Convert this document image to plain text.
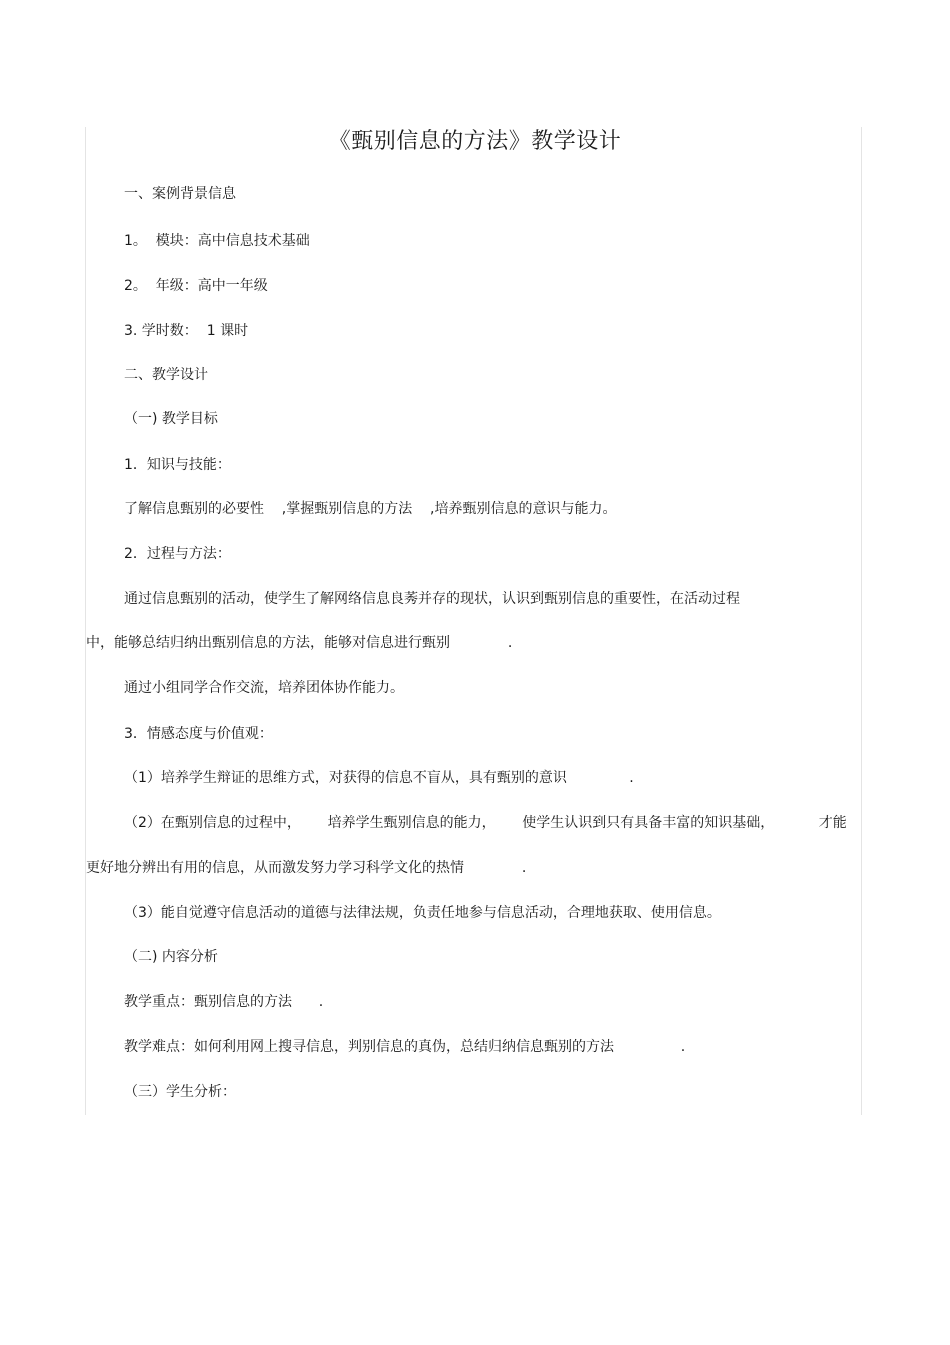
《甄别信息的方法》教学设计
一、案例背景信息
1。  模块：高中信息技术基础
2。  年级：高中一年级
3. 学时数：  1 课时
二、教学设计
（一) 教学目标
1．知识与技能：
了解信息甄别的必要性    ,掌握甄别信息的方法    ,培养甄别信息的意识与能力。
2．过程与方法：
通过信息甄别的活动，使学生了解网络信息良莠并存的现状，认识到甄别信息的重要性，在活动过程
中，能够总结归纳出甄别信息的方法，能够对信息进行甄别             .
通过小组同学合作交流，培养团体协作能力。
3．情感态度与价值观：
（1）培养学生辩证的思维方式，对获得的信息不盲从，具有甄别的意识              .
（2）在甄别信息的过程中，      培养学生甄别信息的能力，      使学生认识到只有具备丰富的知识基础，          才能
更好地分辨出有用的信息，从而激发努力学习科学文化的热情             .
（3）能自觉遵守信息活动的道德与法律法规，负责任地参与信息活动，合理地获取、使用信息。
（二) 内容分析
教学重点：甄别信息的方法      .
教学难点：如何利用网上搜寻信息，判别信息的真伪，总结归纳信息甄别的方法               .
（三）学生分析：
